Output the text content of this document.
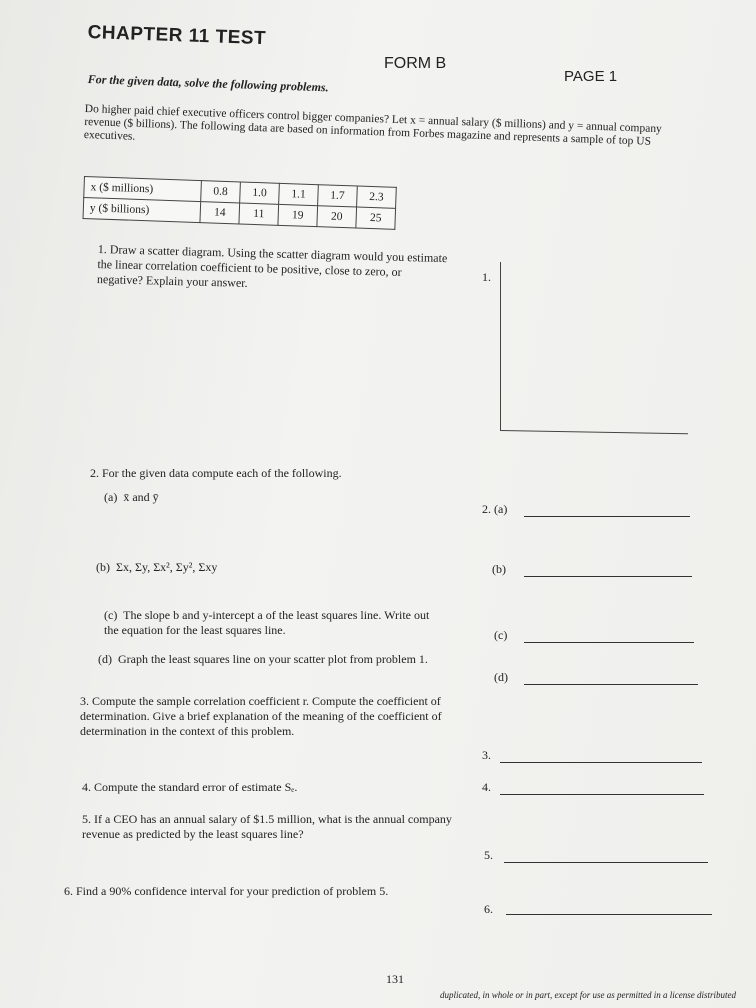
CHAPTER 11 TEST
FORM B
PAGE 1
For the given data, solve the following problems.
Do higher paid chief executive officers control bigger companies? Let x = annual salary ($ millions) and y = annual company revenue ($ billions). The following data are based on information from Forbes magazine and represents a sample of top US executives.
x ($ millions)	0.8	1.0	1.1	1.7	2.3
y ($ billions)	14	11	19	20	25
1. Draw a scatter diagram. Using the scatter diagram would you estimate the linear correlation coefficient to be positive, close to zero, or negative? Explain your answer.	1.
2. For the given data compute each of the following.
(a) x̄ and ȳ
2. (a)
(b) Σx, Σy, Σx², Σy², Σxy	(b)
(c) The slope b and y-intercept a of the least squares line. Write out the equation for the least squares line.	(c)
(d) Graph the least squares line on your scatter plot from problem 1.
(d)
3. Compute the sample correlation coefficient r. Compute the coefficient of determination. Give a brief explanation of the meaning of the coefficient of determination in the context of this problem.
3.
4. Compute the standard error of estimate Sₑ.	4.
5. If a CEO has an annual salary of $1.5 million, what is the annual company revenue as predicted by the least squares line?
5.
6. Find a 90% confidence interval for your prediction of problem 5.
6.
131
duplicated, in whole or in part, except for use as permitted in a license distributed
